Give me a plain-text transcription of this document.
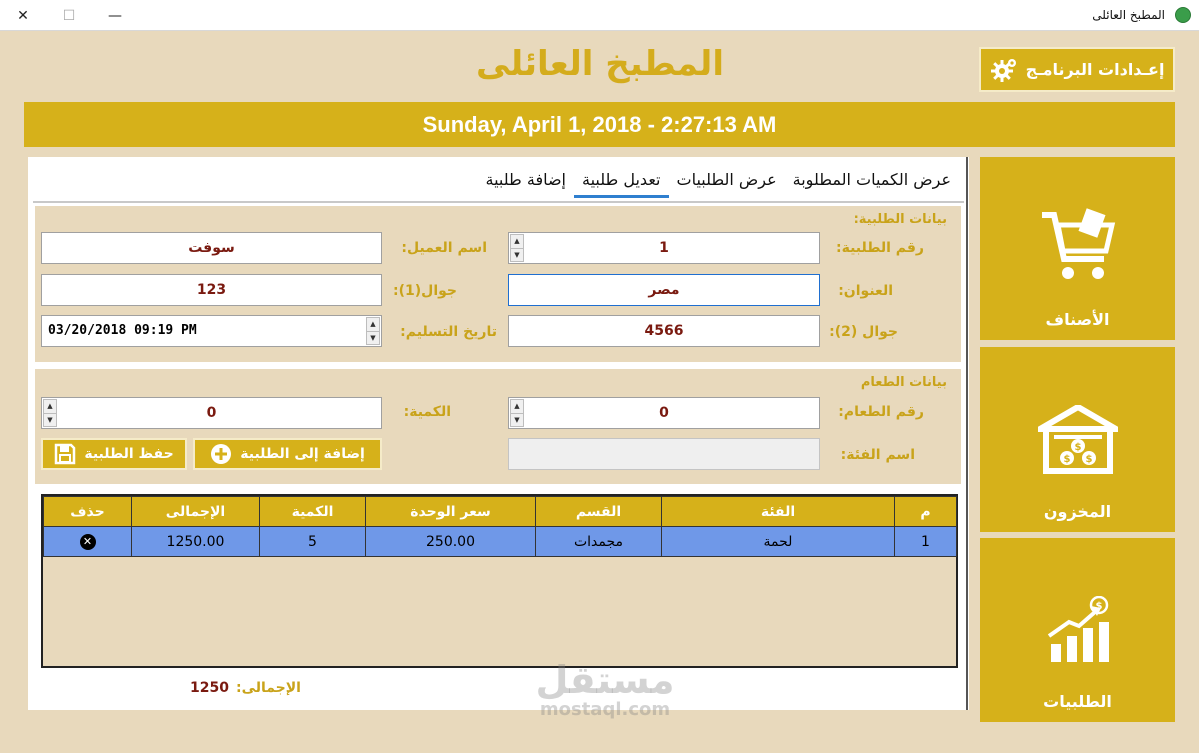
✕	☐	—	المطبخ العائلى
المطبخ العائلى	إعـدادات البرنامـج
Sunday, April 1, 2018 - 2:27:13 AM
الأصناف
$ $
$
المخزون
$
الطلبيات
إضافة طلبية	تعديل طلبية	عرض الطلبيات	عرض الكميات المطلوبة
بيانات الطلبية:
رقم الطلبية:
▲
▼	1
اسم العميل:
سوفت
العنوان:
مصر
جوال(1):
123
جوال (2):
4566
تاريخ التسليم:
03/20/2018 09:19 PM	▲
▼
بيانات الطعام
رقم الطعام:
▲
▼	0
الكمية:
▲
▼	0
اسم الفئة:
إضافة إلى الطلبية
حفظ الطلبية
م	الفئة	القسم	سعر الوحدة	الكمية	الإجمالى	حذف
1	لحمة	مجمدات	250.00	5	1250.00	✕
الإجمالى:
1250	مستقل
mostaql.com
